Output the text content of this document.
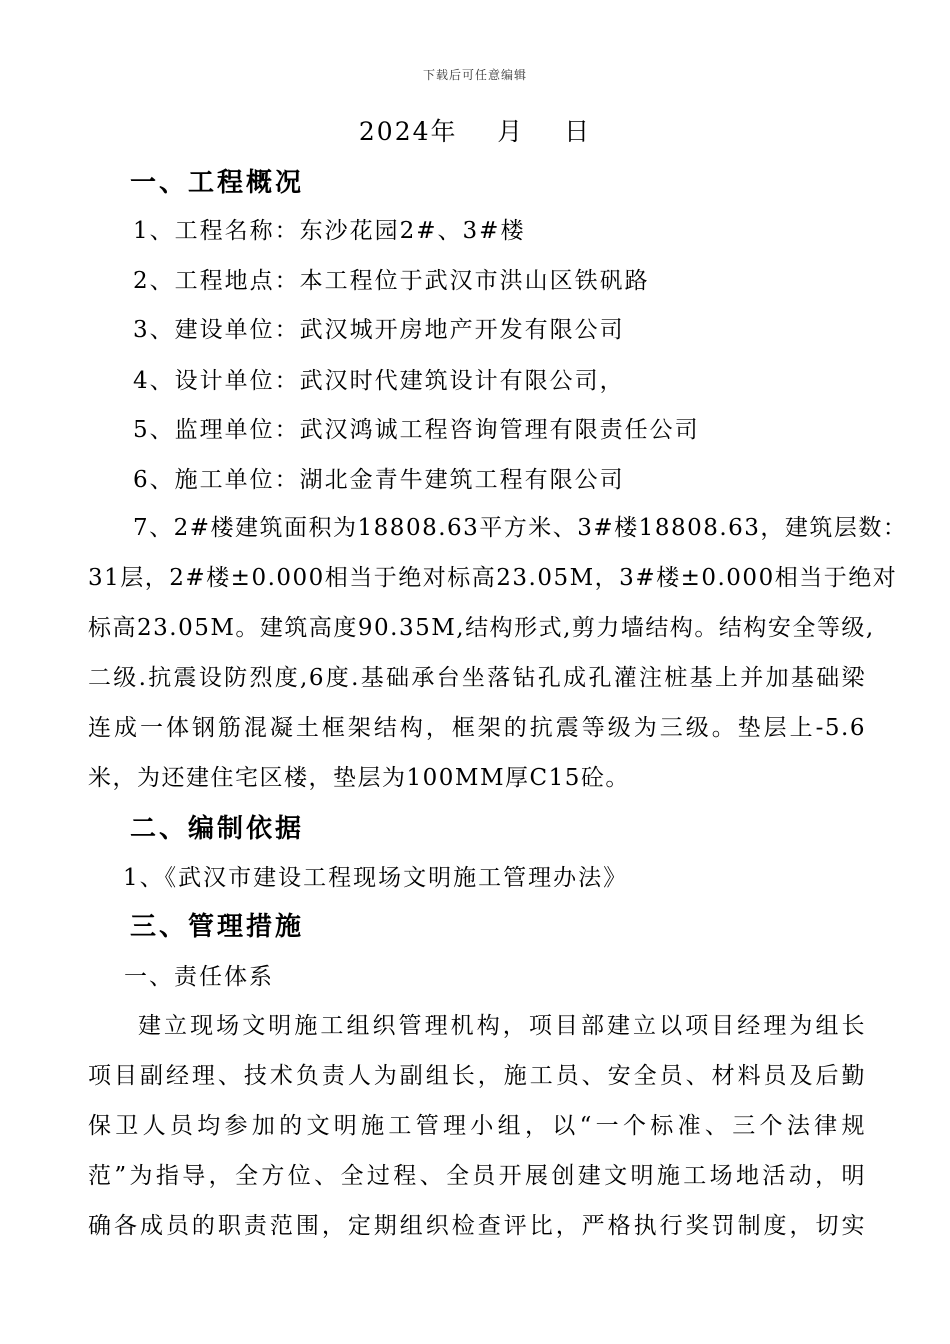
下载后可任意编辑
2024年    月    日
一、工程概况
1、工程名称：东沙花园2#、3#楼
2、工程地点：本工程位于武汉市洪山区铁矾路
3、建设单位：武汉城开房地产开发有限公司
4、设计单位：武汉时代建筑设计有限公司，
5、监理单位：武汉鸿诚工程咨询管理有限责任公司
6、施工单位：湖北金青牛建筑工程有限公司
7、2#楼建筑面积为18808.63平方米、3#楼18808.63，建筑层数：
31层，2#楼±0.000相当于绝对标高23.05M，3#楼±0.000相当于绝对
标高23.05M。建筑高度90.35M,结构形式,剪力墙结构。结构安全等级,
二级.抗震设防烈度,6度.基础承台坐落钻孔成孔灌注桩基上并加基础梁
连成一体钢筋混凝土框架结构，框架的抗震等级为三级。垫层上-5.6
米，为还建住宅区楼，垫层为100MM厚C15砼。
二、编制依据
1、《武汉市建设工程现场文明施工管理办法》
三、管理措施
一、责任体系
建立现场文明施工组织管理机构，项目部建立以项目经理为组长
项目副经理、技术负责人为副组长，施工员、安全员、材料员及后勤
保卫人员均参加的文明施工管理小组，以“一个标准、三个法律规
范”为指导，全方位、全过程、全员开展创建文明施工场地活动，明
确各成员的职责范围，定期组织检查评比，严格执行奖罚制度，切实
